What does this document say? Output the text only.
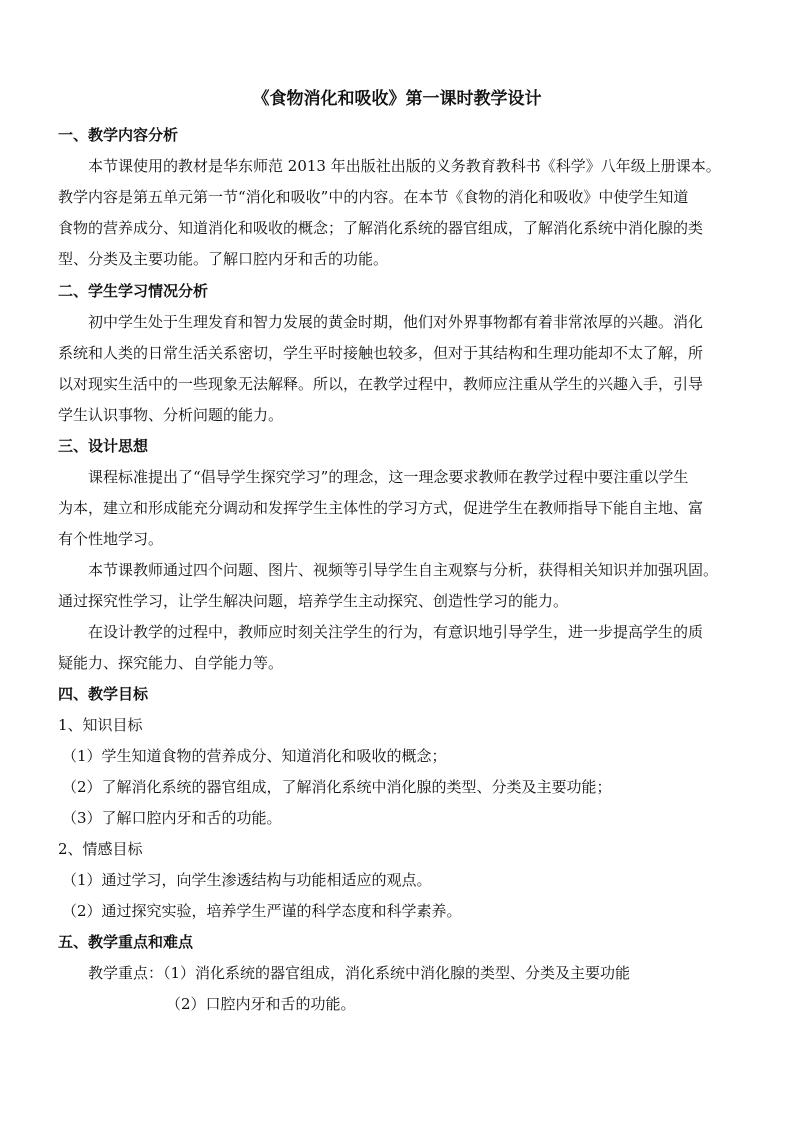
《食物消化和吸收》第一课时教学设计
一、教学内容分析
本节课使用的教材是华东师范 2013 年出版社出版的义务教育教科书《科学》八年级上册课本。
教学内容是第五单元第一节“消化和吸收”中的内容。在本节《食物的消化和吸收》中使学生知道
食物的营养成分、知道消化和吸收的概念；了解消化系统的器官组成，了解消化系统中消化腺的类
型、分类及主要功能。了解口腔内牙和舌的功能。
二、学生学习情况分析
初中学生处于生理发育和智力发展的黄金时期，他们对外界事物都有着非常浓厚的兴趣。消化
系统和人类的日常生活关系密切，学生平时接触也较多，但对于其结构和生理功能却不太了解，所
以对现实生活中的一些现象无法解释。所以，在教学过程中，教师应注重从学生的兴趣入手，引导
学生认识事物、分析问题的能力。
三、设计思想
课程标准提出了“倡导学生探究学习”的理念，这一理念要求教师在教学过程中要注重以学生
为本，建立和形成能充分调动和发挥学生主体性的学习方式，促进学生在教师指导下能自主地、富
有个性地学习。
本节课教师通过四个问题、图片、视频等引导学生自主观察与分析，获得相关知识并加强巩固。
通过探究性学习，让学生解决问题，培养学生主动探究、创造性学习的能力。
在设计教学的过程中，教师应时刻关注学生的行为，有意识地引导学生，进一步提高学生的质
疑能力、探究能力、自学能力等。
四、教学目标
1、知识目标
（1）学生知道食物的营养成分、知道消化和吸收的概念；
（2）了解消化系统的器官组成，了解消化系统中消化腺的类型、分类及主要功能；
（3）了解口腔内牙和舌的功能。
2、情感目标
（1）通过学习，向学生渗透结构与功能相适应的观点。
（2）通过探究实验，培养学生严谨的科学态度和科学素养。
五、教学重点和难点
教学重点：（1）消化系统的器官组成，消化系统中消化腺的类型、分类及主要功能
（2）口腔内牙和舌的功能。
